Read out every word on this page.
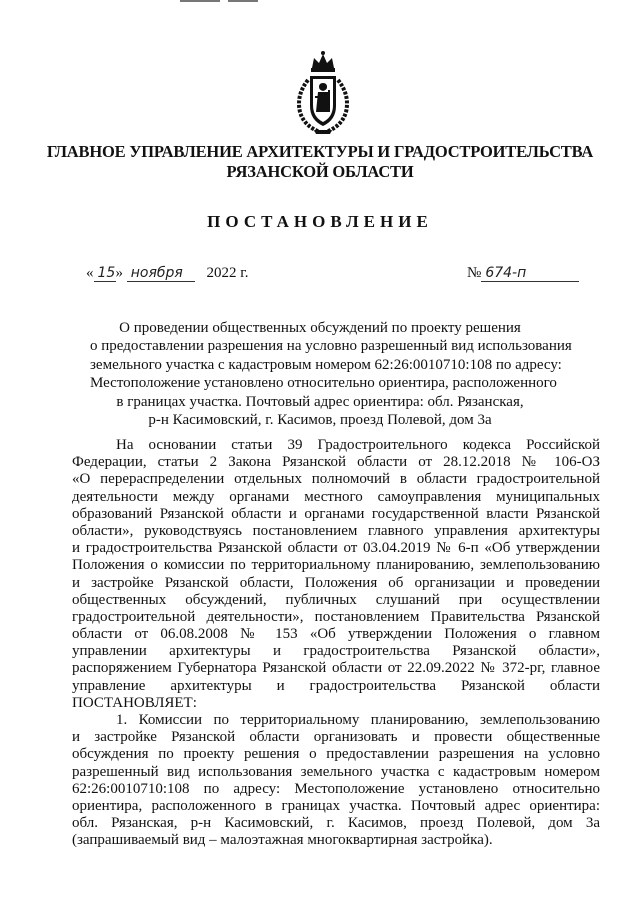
ГЛАВНОЕ УПРАВЛЕНИЕ АРХИТЕКТУРЫ И ГРАДОСТРОИТЕЛЬСТВА
РЯЗАНСКОЙ ОБЛАСТИ
ПОСТАНОВЛЕНИЕ
« 15» ноября 2022 г.	№ 674-п
О проведении общественных обсуждений по проекту решения
о предоставлении разрешения на условно разрешенный вид использования
земельного участка с кадастровым номером 62:26:0010710:108 по адресу:
Местоположение установлено относительно ориентира, расположенного
в границах участка. Почтовый адрес ориентира: обл. Рязанская,
р-н Касимовский, г. Касимов, проезд Полевой, дом 3а
На основании статьи 39 Градостроительного кодекса Российской
Федерации, статьи 2 Закона Рязанской области от 28.12.2018 № 106-ОЗ
«О перераспределении отдельных полномочий в области градостроительной
деятельности между органами местного самоуправления муниципальных
образований Рязанской области и органами государственной власти Рязанской
области», руководствуясь постановлением главного управления архитектуры
и градостроительства Рязанской области от 03.04.2019 № 6-п «Об утверждении
Положения о комиссии по территориальному планированию, землепользованию
и застройке Рязанской области, Положения об организации и проведении
общественных обсуждений, публичных слушаний при осуществлении
градостроительной деятельности», постановлением Правительства Рязанской
области от 06.08.2008 № 153 «Об утверждении Положения о главном
управлении архитектуры и градостроительства Рязанской области»,
распоряжением Губернатора Рязанской области от 22.09.2022 № 372-рг, главное
управление архитектуры и градостроительства Рязанской области
ПОСТАНОВЛЯЕТ:
1. Комиссии по территориальному планированию, землепользованию
и застройке Рязанской области организовать и провести общественные
обсуждения по проекту решения о предоставлении разрешения на условно
разрешенный вид использования земельного участка с кадастровым номером
62:26:0010710:108 по адресу: Местоположение установлено относительно
ориентира, расположенного в границах участка. Почтовый адрес ориентира:
обл. Рязанская, р-н Касимовский, г. Касимов, проезд Полевой, дом 3а
(запрашиваемый вид – малоэтажная многоквартирная застройка).
